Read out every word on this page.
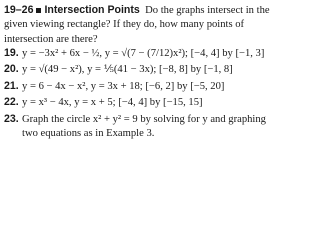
19–26 Intersection Points Do the graphs intersect in the given viewing rectangle? If they do, how many points of intersection are there?
19. y = −3x² + 6x − ½, y = √(7 − (7/12)x²); [−4, 4] by [−1, 3]
20. y = √(49 − x²), y = ⅕(41 − 3x); [−8, 8] by [−1, 8]
21. y = 6 − 4x − x², y = 3x + 18; [−6, 2] by [−5, 20]
22. y = x³ − 4x, y = x + 5; [−4, 4] by [−15, 15]
23. Graph the circle x² + y² = 9 by solving for y and graphing
two equations as in Example 3.
